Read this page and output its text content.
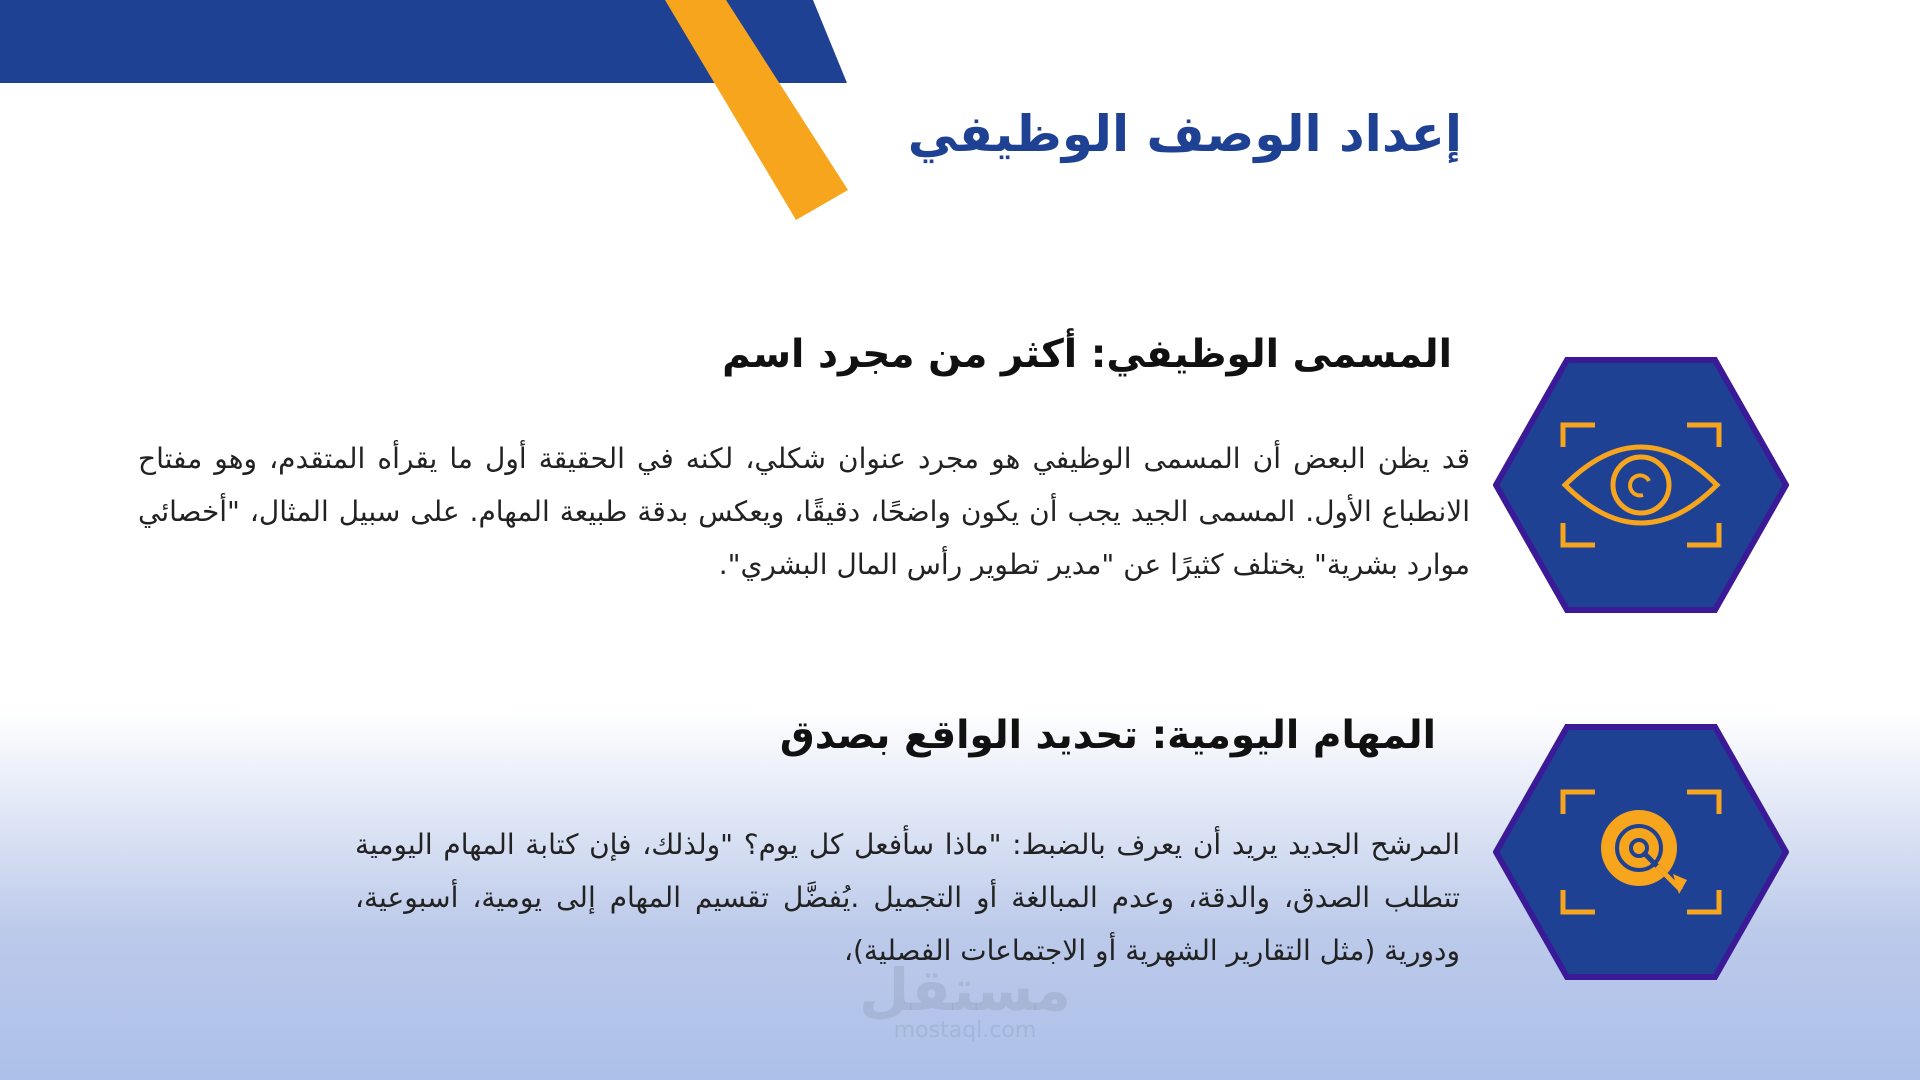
إعداد الوصف الوظيفي
المسمى الوظيفي: أكثر من مجرد اسم

قد يظن البعض أن المسمى الوظيفي هو مجرد عنوان شكلي، لكنه في الحقيقة أول ما يقرأه المتقدم، وهو مفتاح الانطباع الأول. المسمى الجيد يجب أن يكون واضحًا، دقيقًا، ويعكس بدقة طبيعة المهام. على سبيل المثال، "أخصائي موارد بشرية" يختلف كثيرًا عن "مدير تطوير رأس المال البشري".

المهام اليومية: تحديد الواقع بصدق

المرشح الجديد يريد أن يعرف بالضبط: "ماذا سأفعل كل يوم؟ "ولذلك، فإن كتابة المهام اليومية تتطلب الصدق، والدقة، وعدم المبالغة أو التجميل .يُفضَّل تقسيم المهام إلى يومية، أسبوعية، ودورية (مثل التقارير الشهرية أو الاجتماعات الفصلية)،

مستقل
mostaql.com
